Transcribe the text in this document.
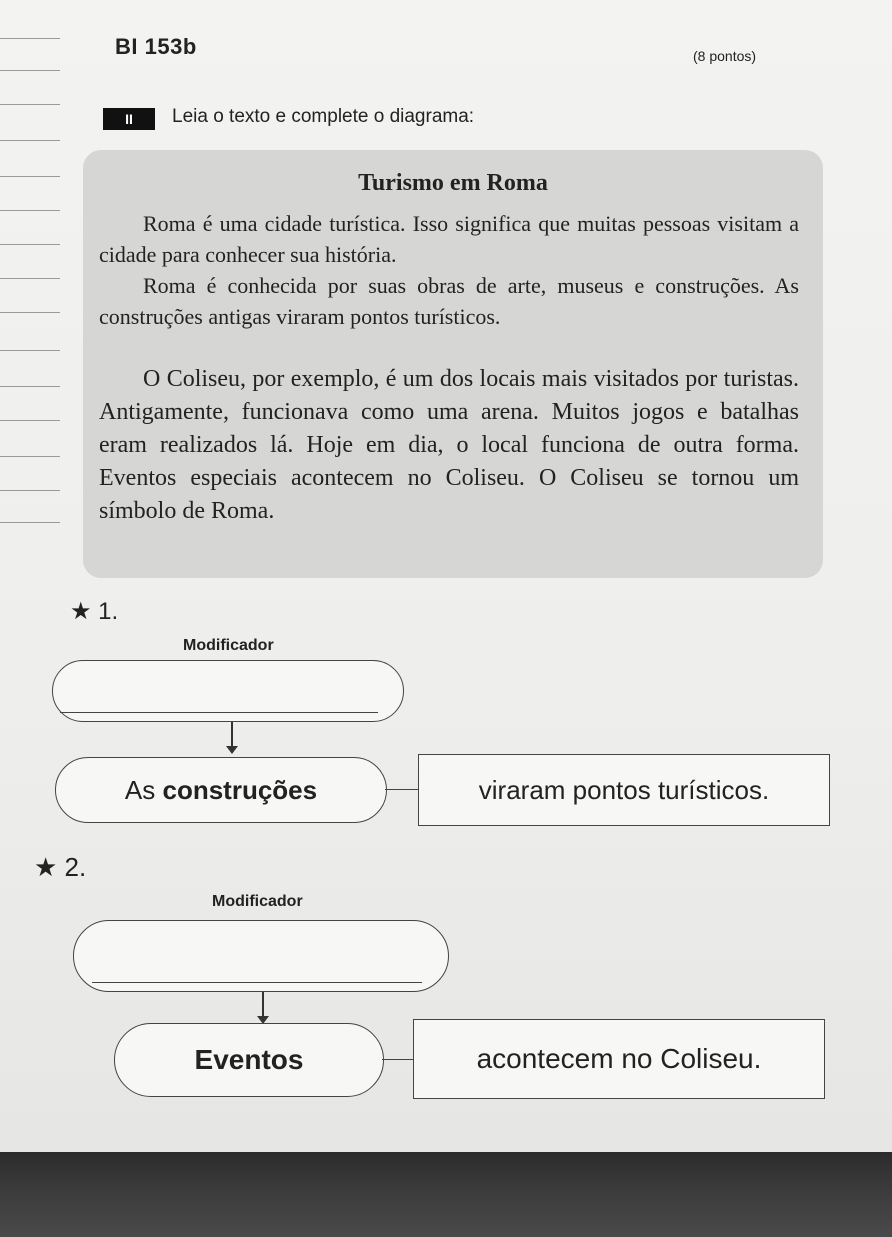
BI 153b	(8 pontos)
II	Leia o texto e complete o diagrama:
Turismo em Roma

Roma é uma cidade turística. Isso significa que muitas pessoas visitam a cidade para conhecer sua história.

Roma é conhecida por suas obras de arte, museus e construções. As construções antigas viraram pontos turísticos.

O Coliseu, por exemplo, é um dos locais mais visitados por turistas. Antigamente, funcionava como uma arena. Muitos jogos e batalhas eram realizados lá. Hoje em dia, o local funciona de outra forma. Eventos especiais acontecem no Coliseu. O Coliseu se tornou um símbolo de Roma.

★ 1.
Modificador
As construções	viraram pontos turísticos.
★ 2.
Modificador
Eventos	acontecem no Coliseu.
